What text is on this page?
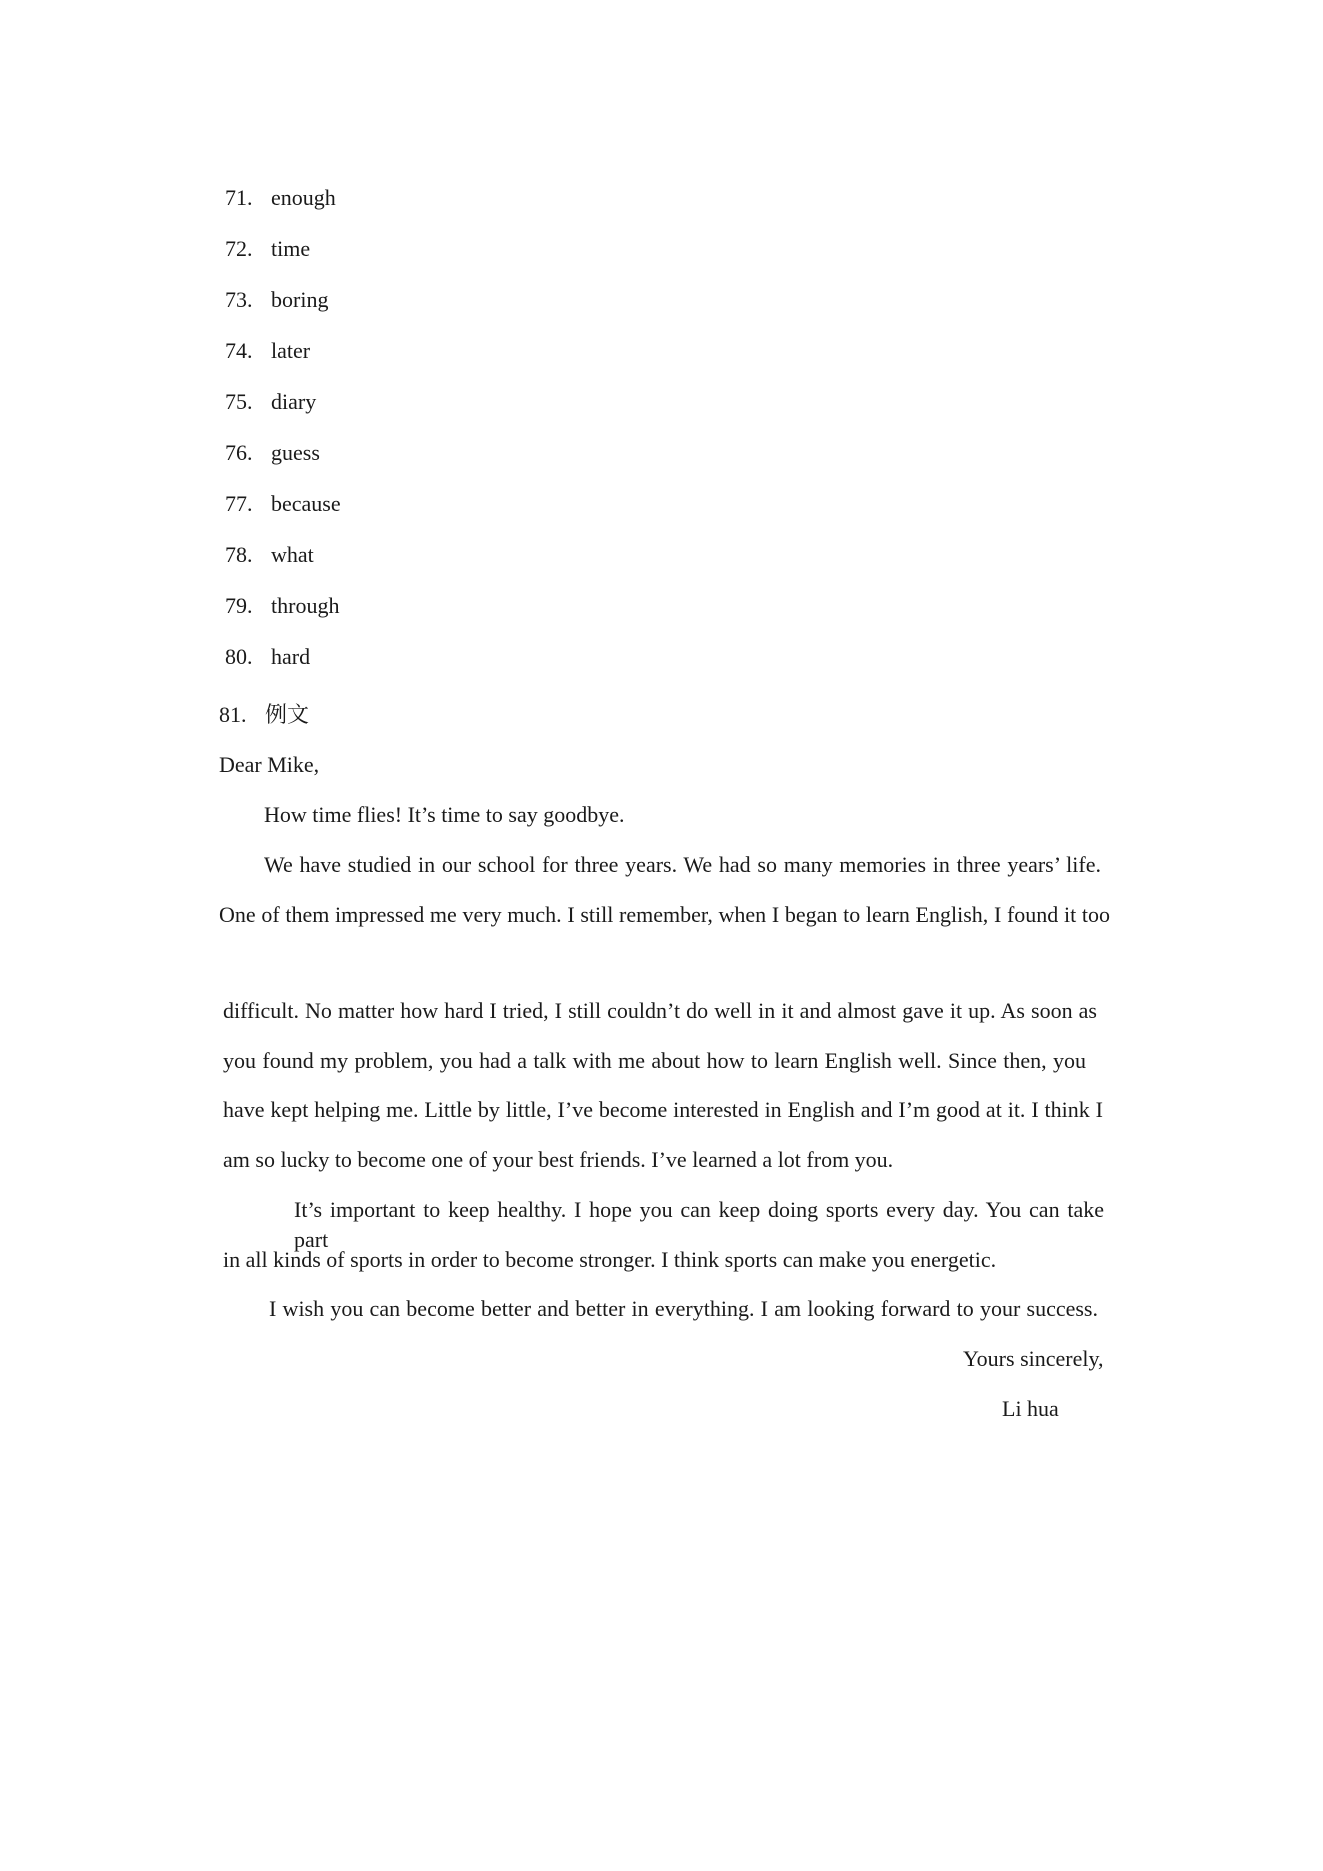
71. enough
72. time
73. boring
74. later
75. diary
76. guess
77. because
78. what
79. through
80. hard
81. 例文
Dear Mike,
How time flies! It’s time to say goodbye.
We have studied in our school for three years. We had so many memories in three years’ life.
One of them impressed me very much. I still remember, when I began to learn English, I found it too
difficult. No matter how hard I tried, I still couldn’t do well in it and almost gave it up. As soon as
you found my problem, you had a talk with me about how to learn English well. Since then, you
have kept helping me. Little by little, I’ve become interested in English and I’m good at it. I think I
am so lucky to become one of your best friends. I’ve learned a lot from you.
It’s important to keep healthy. I hope you can keep doing sports every day. You can take part
in all kinds of sports in order to become stronger. I think sports can make you energetic.
I wish you can become better and better in everything. I am looking forward to your success.
Yours sincerely,
Li hua
